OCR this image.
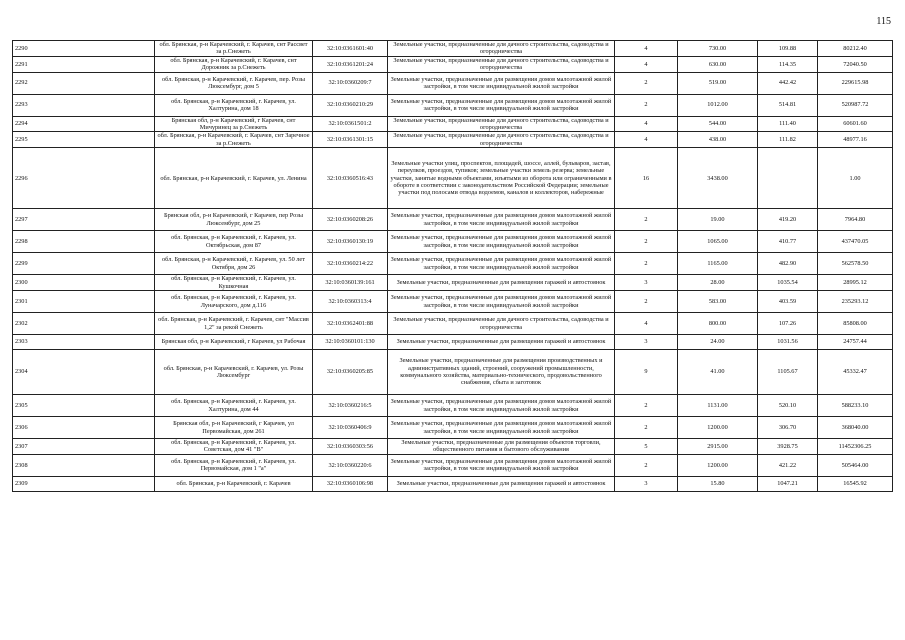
115
2290	обл. Брянская, р-н Карачевский, г. Карачев, снт Рассвет за р.Снежеть	32:10:0361601:40	Земельные участки, предназначенные для дачного строительства, садоводства и огородничества	4	730.00	109.88	80212.40
2291	обл. Брянская, р-н Карачевский, г. Карачев, снт Дорожник за р.Снежеть	32:10:0361201:24	Земельные участки, предназначенные для дачного строительства, садоводства и огородничества	4	630.00	114.35	72040.50
2292	обл. Брянская, р-н Карачевский, г. Карачев, пер. Розы Люксембург, дом 5	32:10:0360209:7	Земельные участки, предназначенные для размещения домов малоэтажной жилой застройки, в том числе индивидуальной жилой застройки	2	519.00	442.42	229615.98
2293	обл. Брянская, р-н Карачевский, г. Карачев, ул. Халтурина, дом 18	32:10:0360210:29	Земельные участки, предназначенные для размещения домов малоэтажной жилой застройки, в том числе индивидуальной жилой застройки	2	1012.00	514.81	520987.72
2294	Брянская обл, р-н Карачевский, г Карачев, снт Мичуринец за р.Снежеть	32:10:0361501:2	Земельные участки, предназначенные для дачного строительства, садоводства и огородничества	4	544.00	111.40	60601.60
2295	обл. Брянская, р-н Карачевский, г. Карачев, снт Заречное за р.Снежеть	32:10:0361301:15	Земельные участки, предназначенные для дачного строительства, садоводства и огородничества	4	438.00	111.82	48977.16
2296	обл. Брянская, р-н Карачевский, г. Карачев, ул. Ленина	32:10:0360516:43	Земельные участки улиц, проспектов, площадей, шоссе, аллей, бульваров, застав, переулков, проездов, тупиков; земельные участки земель резерва; земельные участки, занятые водными объектами, изъятыми из оборота или ограниченными в обороте в соответствии с законодательством Российской Федерации; земельные участки под полосами отвода водоемов, каналов и коллекторов, набережные	16	3438.00		1.00
2297	Брянская обл, р-н Карачевский, г Карачев, пер Розы Люксембург, дом 25	32:10:0360208:26	Земельные участки, предназначенные для размещения домов малоэтажной жилой застройки, в том числе индивидуальной жилой застройки	2	19.00	419.20	7964.80
2298	обл. Брянская, р-н Карачевский, г. Карачев, ул. Октябрьская, дом 87	32:10:0360130:19	Земельные участки, предназначенные для размещения домов малоэтажной жилой застройки, в том числе индивидуальной жилой застройки	2	1065.00	410.77	437470.05
2299	обл. Брянская, р-н Карачевский, г. Карачев, ул. 50 лет Октября, дом 26	32:10:0360214:22	Земельные участки, предназначенные для размещения домов малоэтажной жилой застройки, в том числе индивидуальной жилой застройки	2	1165.00	482.90	562578.50
2300	обл. Брянская, р-н Карачевский, г. Карачев, ул. Кушкочная	32:10:0360139:161	Земельные участки, предназначенные для размещения гаражей и автостоянок	3	28.00	1035.54	28995.12
2301	обл. Брянская, р-н Карачевский, г. Карачев, ул. Луначарского, дом д.116	32:10:0360313:4	Земельные участки, предназначенные для размещения домов малоэтажной жилой застройки, в том числе индивидуальной жилой застройки	2	583.00	403.59	235293.12
2302	обл. Брянская, р-н Карачевский, г. Карачев, снт "Массив 1,2" за рекой Снежеть	32:10:0362401:88	Земельные участки, предназначенные для дачного строительства, садоводства и огородничества	4	800.00	107.26	85808.00
2303	Брянская обл, р-н Карачевский, г Карачев, ул Рабочая	32:10:0360101:130	Земельные участки, предназначенные для размещения гаражей и автостоянок	3	24.00	1031.56	24757.44
2304	обл. Брянская, р-н Карачевский, г. Карачев, ул. Розы Люксембург	32:10:0360205:85	Земельные участки, предназначенные для размещения производственных и административных зданий, строений, сооружений промышленности, коммунального хозяйства, материально-технического, продовольственного снабжения, сбыта и заготовок	9	41.00	1105.67	45332.47
2305	обл. Брянская, р-н Карачевский, г. Карачев, ул. Халтурина, дом 44	32:10:0360216:5	Земельные участки, предназначенные для размещения домов малоэтажной жилой застройки, в том числе индивидуальной жилой застройки	2	1131.00	520.10	588233.10
2306	Брянская обл, р-н Карачевский, г Карачев, ул Первомайская, дом 261	32:10:0360406:9	Земельные участки, предназначенные для размещения домов малоэтажной жилой застройки, в том числе индивидуальной жилой застройки	2	1200.00	306.70	368040.00
2307	обл. Брянская, р-н Карачевский, г. Карачев, ул. Советская, дом 41 "В"	32:10:0360303:56	Земельные участки, предназначенные для размещения объектов торговли, общественного питания и бытового обслуживания	5	2915.00	3928.75	11452306.25
2308	обл. Брянская, р-н Карачевский, г. Карачев, ул. Первомайская, дом 1 "а"	32:10:0360220:6	Земельные участки, предназначенные для размещения домов малоэтажной жилой застройки, в том числе индивидуальной жилой застройки	2	1200.00	421.22	505464.00
2309	обл. Брянская, р-н Карачевский, г. Карачев	32:10:0360106:98	Земельные участки, предназначенные для размещения гаражей и автостоянок	3	15.80	1047.21	16545.92
